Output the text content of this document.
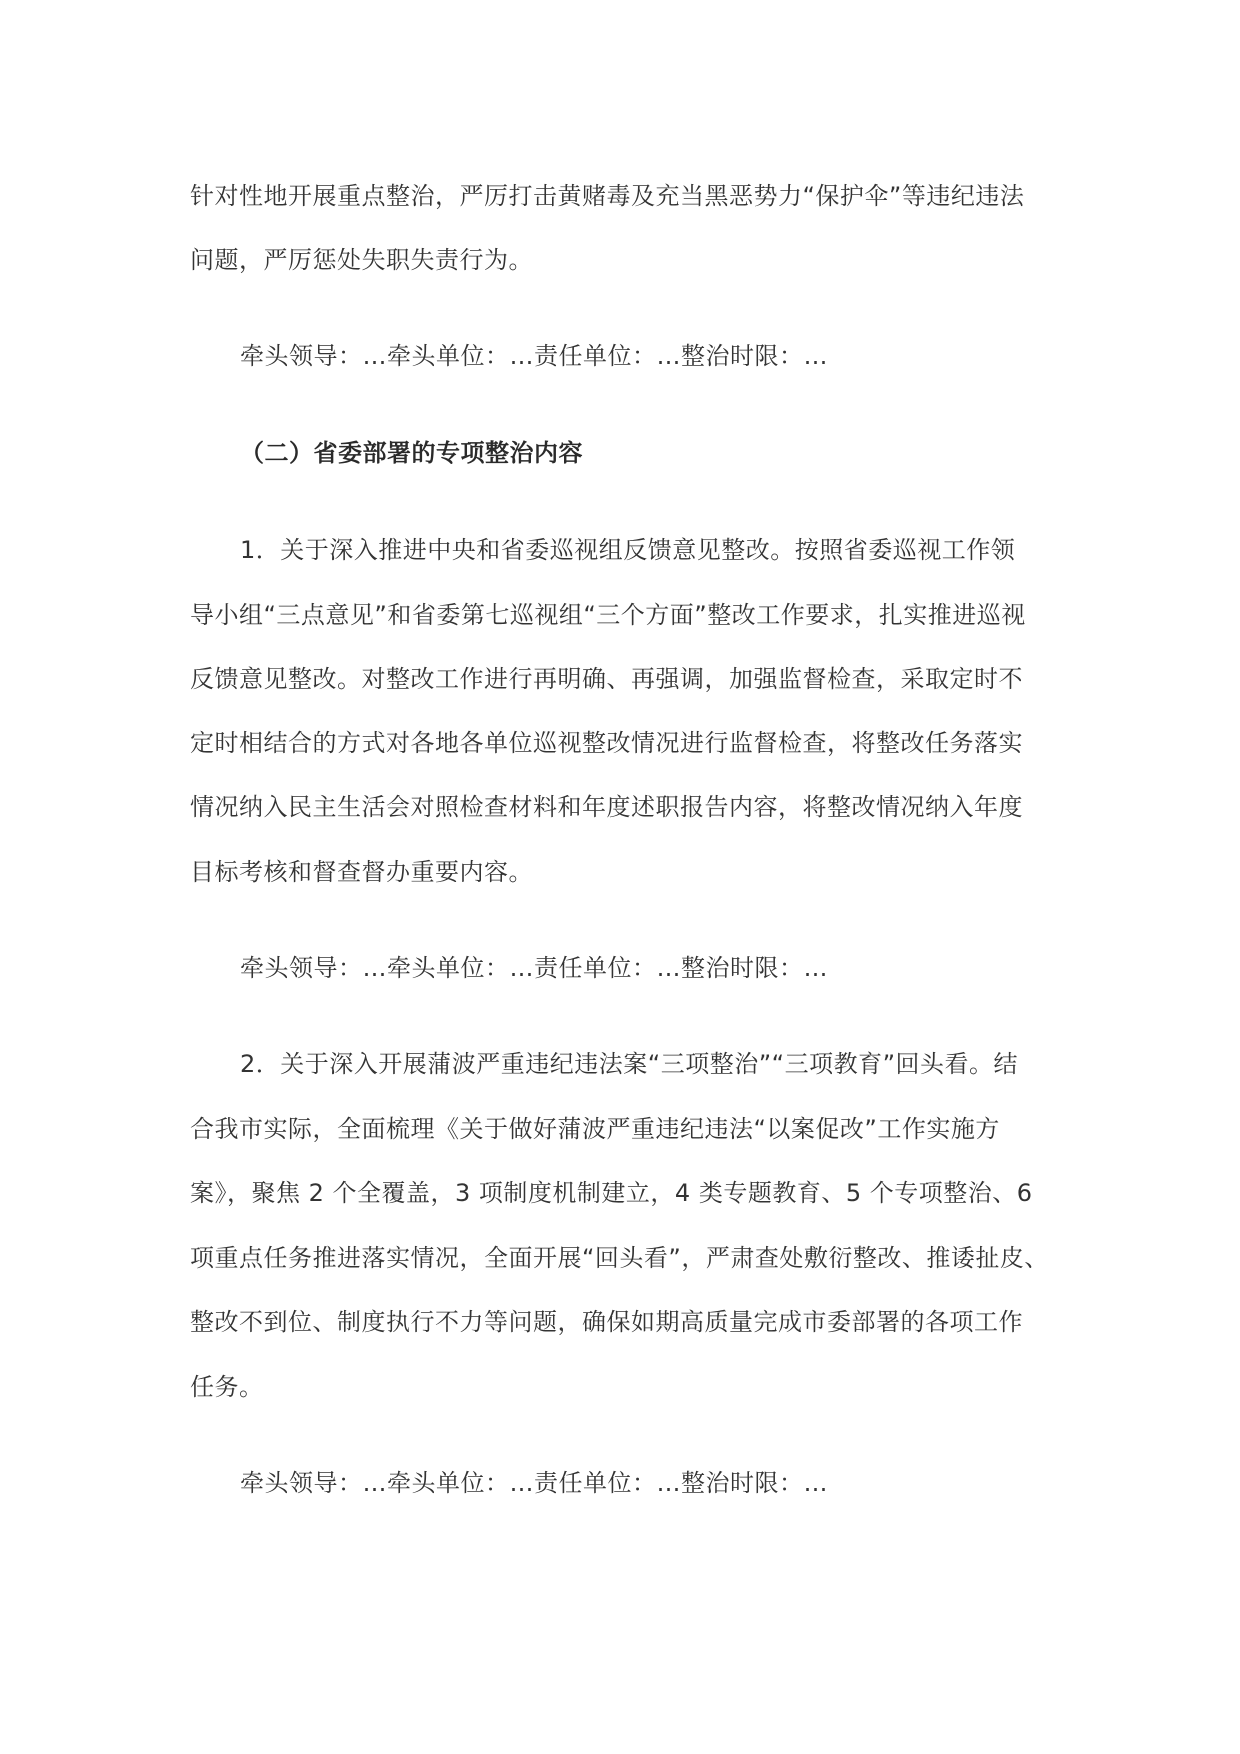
针对性地开展重点整治，严厉打击黄赌毒及充当黑恶势力“保护伞”等违纪违法
问题，严厉惩处失职失责行为。
牵头领导：…牵头单位：…责任单位：…整治时限：…
（二）省委部署的专项整治内容
1．关于深入推进中央和省委巡视组反馈意见整改。按照省委巡视工作领
导小组“三点意见”和省委第七巡视组“三个方面”整改工作要求，扎实推进巡视
反馈意见整改。对整改工作进行再明确、再强调，加强监督检查，采取定时不
定时相结合的方式对各地各单位巡视整改情况进行监督检查，将整改任务落实
情况纳入民主生活会对照检查材料和年度述职报告内容，将整改情况纳入年度
目标考核和督查督办重要内容。
牵头领导：…牵头单位：…责任单位：…整治时限：…
2．关于深入开展蒲波严重违纪违法案“三项整治”“三项教育”回头看。结
合我市实际，全面梳理《关于做好蒲波严重违纪违法“以案促改”工作实施方
案》，聚焦 2 个全覆盖，3 项制度机制建立，4 类专题教育、5 个专项整治、6
项重点任务推进落实情况，全面开展“回头看”，严肃查处敷衍整改、推诿扯皮、
整改不到位、制度执行不力等问题，确保如期高质量完成市委部署的各项工作
任务。
牵头领导：…牵头单位：…责任单位：…整治时限：…
